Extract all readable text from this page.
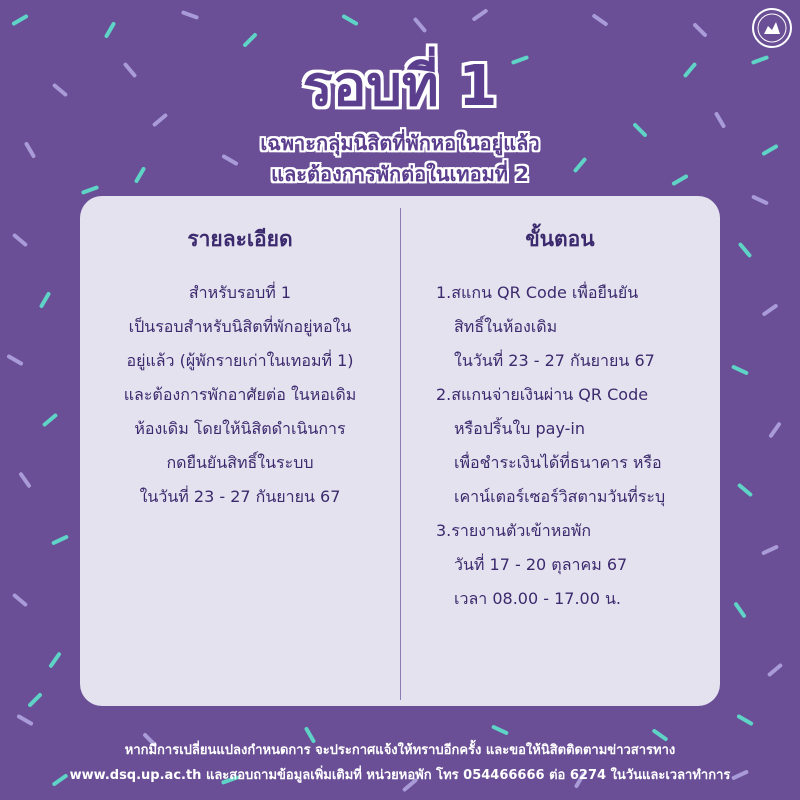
รอบที่ 1
เฉพาะกลุ่มนิสิตที่พักหอในอยู่แล้ว
และต้องการพักต่อในเทอมที่ 2
รายละเอียด	ขั้นตอน
สำหรับรอบที่ 1
เป็นรอบสำหรับนิสิตที่พักอยู่หอใน
อยู่แล้ว (ผู้พักรายเก่าในเทอมที่ 1)
และต้องการพักอาศัยต่อ ในหอเดิม
ห้องเดิม โดยให้นิสิตดำเนินการ
กดยืนยันสิทธิ์ในระบบ
ในวันที่ 23 - 27 กันยายน 67
1.สแกน QR Code เพื่อยืนยัน
สิทธิ์ในห้องเดิม
ในวันที่ 23 - 27 กันยายน 67
2.สแกนจ่ายเงินผ่าน QR Code
หรือปริ้นใบ pay-in
เพื่อชำระเงินได้ที่ธนาคาร หรือ
เคาน์เตอร์เซอร์วิสตามวันที่ระบุ
3.รายงานตัวเข้าหอพัก
วันที่ 17 - 20 ตุลาคม 67
เวลา 08.00 - 17.00 น.
หากมีการเปลี่ยนแปลงกำหนดการ จะประกาศแจ้งให้ทราบอีกครั้ง และขอให้นิสิตติดตามข่าวสารทาง
www.dsq.up.ac.th และสอบถามข้อมูลเพิ่มเติมที่ หน่วยหอพัก โทร 054466666 ต่อ 6274 ในวันและเวลาทำการ
